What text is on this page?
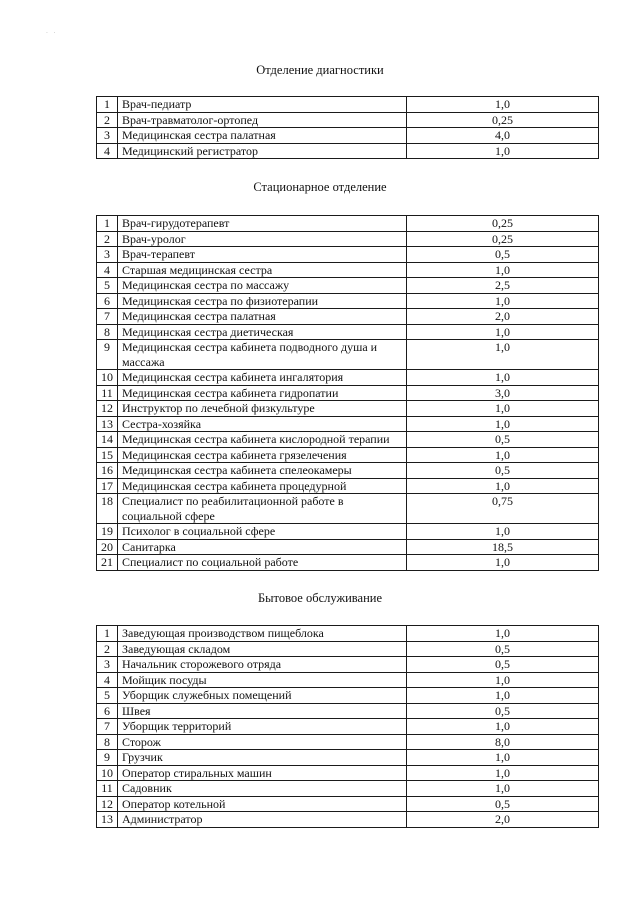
·   ·
Отделение диагностики
1	Врач-педиатр	1,0
2	Врач-травматолог-ортопед	0,25
3	Медицинская сестра палатная	4,0
4	Медицинский регистратор	1,0
Стационарное отделение
1	Врач-гирудотерапевт	0,25
2	Врач-уролог	0,25
3	Врач-терапевт	0,5
4	Старшая медицинская сестра	1,0
5	Медицинская сестра по массажу	2,5
6	Медицинская сестра по физиотерапии	1,0
7	Медицинская сестра палатная	2,0
8	Медицинская сестра диетическая	1,0
9	Медицинская сестра кабинета подводного душа и массажа	1,0
10	Медицинская сестра кабинета ингалятория	1,0
11	Медицинская сестра кабинета гидропатии	3,0
12	Инструктор по лечебной физкультуре	1,0
13	Сестра-хозяйка	1,0
14	Медицинская сестра кабинета кислородной терапии	0,5
15	Медицинская сестра кабинета грязелечения	1,0
16	Медицинская сестра кабинета спелеокамеры	0,5
17	Медицинская сестра кабинета процедурной	1,0
18	Специалист по реабилитационной работе в социальной сфере	0,75
19	Психолог в социальной сфере	1,0
20	Санитарка	18,5
21	Специалист по социальной работе	1,0
Бытовое обслуживание
1	Заведующая производством пищеблока	1,0
2	Заведующая складом	0,5
3	Начальник сторожевого отряда	0,5
4	Мойщик посуды	1,0
5	Уборщик служебных помещений	1,0
6	Швея	0,5
7	Уборщик территорий	1,0
8	Сторож	8,0
9	Грузчик	1,0
10	Оператор стиральных машин	1,0
11	Садовник	1,0
12	Оператор котельной	0,5
13	Администратор	2,0
